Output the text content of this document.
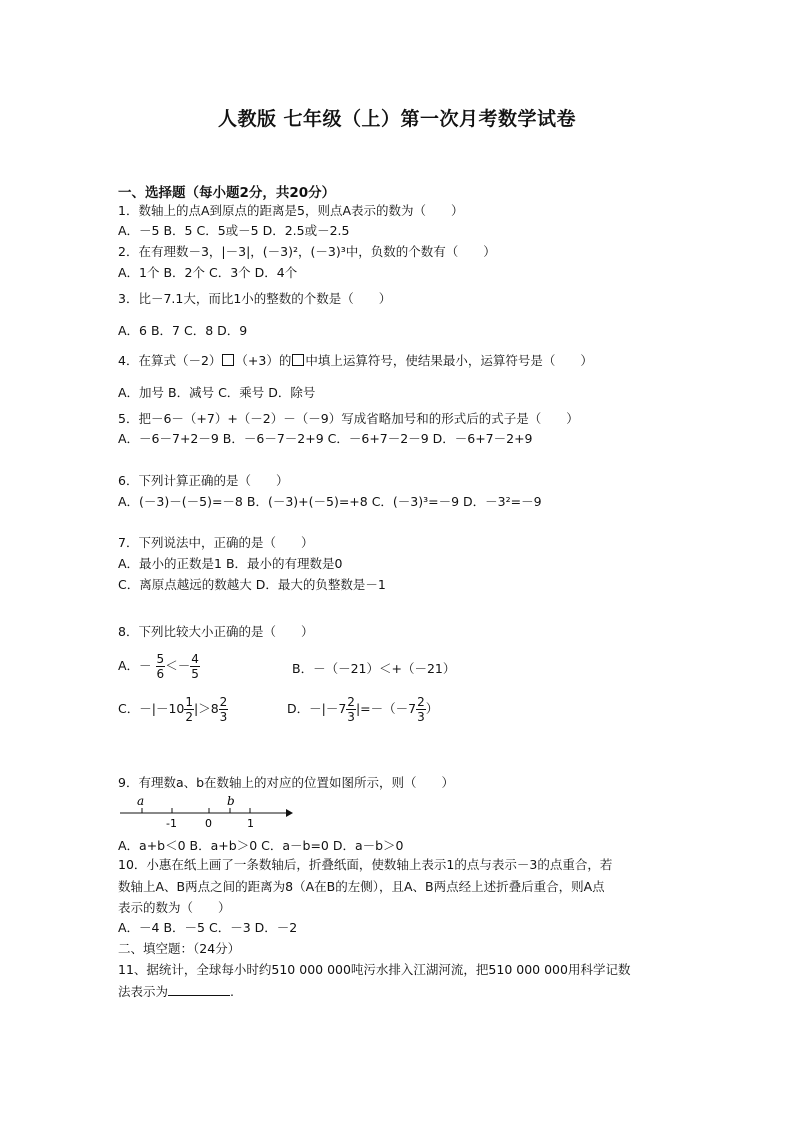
人教版 七年级（上）第一次月考数学试卷
一、选择题（每小题2分，共20分）
1．数轴上的点A到原点的距离是5，则点A表示的数为（　　）
A．－5 B．5 C．5或－5 D．2.5或－2.5
2．在有理数－3，|－3|，(－3)²，(－3)³中，负数的个数有（　　）
A．1个 B．2个 C．3个 D．4个
3．比－7.1大，而比1小的整数的个数是（　　）
A．6 B．7 C．8 D．9
4．在算式（－2） （+3）的 中填上运算符号，使结果最小，运算符号是（　　）
A．加号 B．减号 C．乘号 D．除号
5．把－6－（+7）+（－2）－（－9）写成省略加号和的形式后的式子是（　　）
A．－6－7+2－9 B．－6－7－2+9 C．－6+7－2－9 D．－6+7－2+9
6．下列计算正确的是（　　）
A．(－3)－(－5)=－8 B．(－3)+(－5)=+8 C．(－3)³=－9 D．－3²=－9
7．下列说法中，正确的是（　　）
A．最小的正数是1 B．最小的有理数是0
C．离原点越远的数越大 D．最大的负整数是－1
8．下列比较大小正确的是（　　）
A．－ $\frac{5}{6} <- \frac{4}{5}$	B．－（－21）＜+（－21）
C．$-|-10 \frac{1}{2} |>8 \frac{2}{3}$	D．$-|-7 \frac{2}{3} |=-(-7 \frac{2}{3}$ ）
9．有理数a、b在数轴上的对应的位置如图所示，则（　　）
a	b
-1	0	1
A．a+b＜0 B．a+b＞0 C．a－b=0 D．a－b＞0
10．小惠在纸上画了一条数轴后，折叠纸面，使数轴上表示1的点与表示－3的点重合，若
数轴上A、B两点之间的距离为8（A在B的左侧），且A、B两点经上述折叠后重合，则A点
表示的数为（　　）
A．－4 B．－5 C．－3 D．－2
二、填空题：（24分）
11、据统计，全球每小时约510 000 000吨污水排入江湖河流，把510 000 000用科学记数
法表示为	.
